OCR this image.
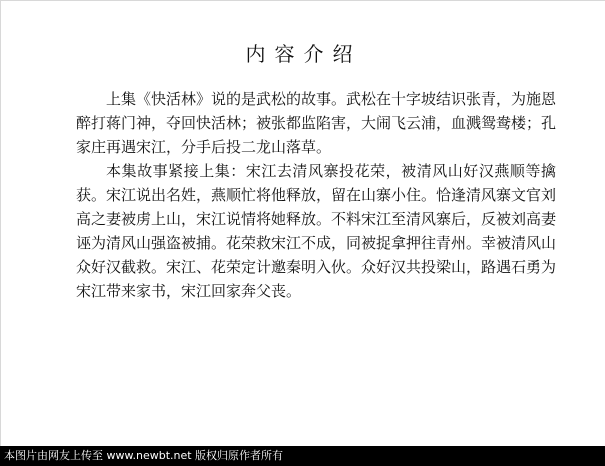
内容介绍

上集《快活林》说的是武松的故事。武松在十字坡结识张青，为施恩醉打蒋门神，夺回快活林；被张都监陷害，大闹飞云浦，血溅鸳鸯楼；孔家庄再遇宋江，分手后投二龙山落草。

本集故事紧接上集：宋江去清风寨投花荣，被清风山好汉燕顺等擒获。宋江说出名姓，燕顺忙将他释放，留在山寨小住。恰逢清风寨文官刘高之妻被虏上山，宋江说情将她释放。不料宋江至清风寨后，反被刘高妻诬为清风山强盗被捕。花荣救宋江不成，同被捉拿押往青州。幸被清风山众好汉截救。宋江、花荣定计邀秦明入伙。众好汉共投梁山，路遇石勇为宋江带来家书，宋江回家奔父丧。

本图片由网友上传至 www.newbt.net 版权归原作者所有
